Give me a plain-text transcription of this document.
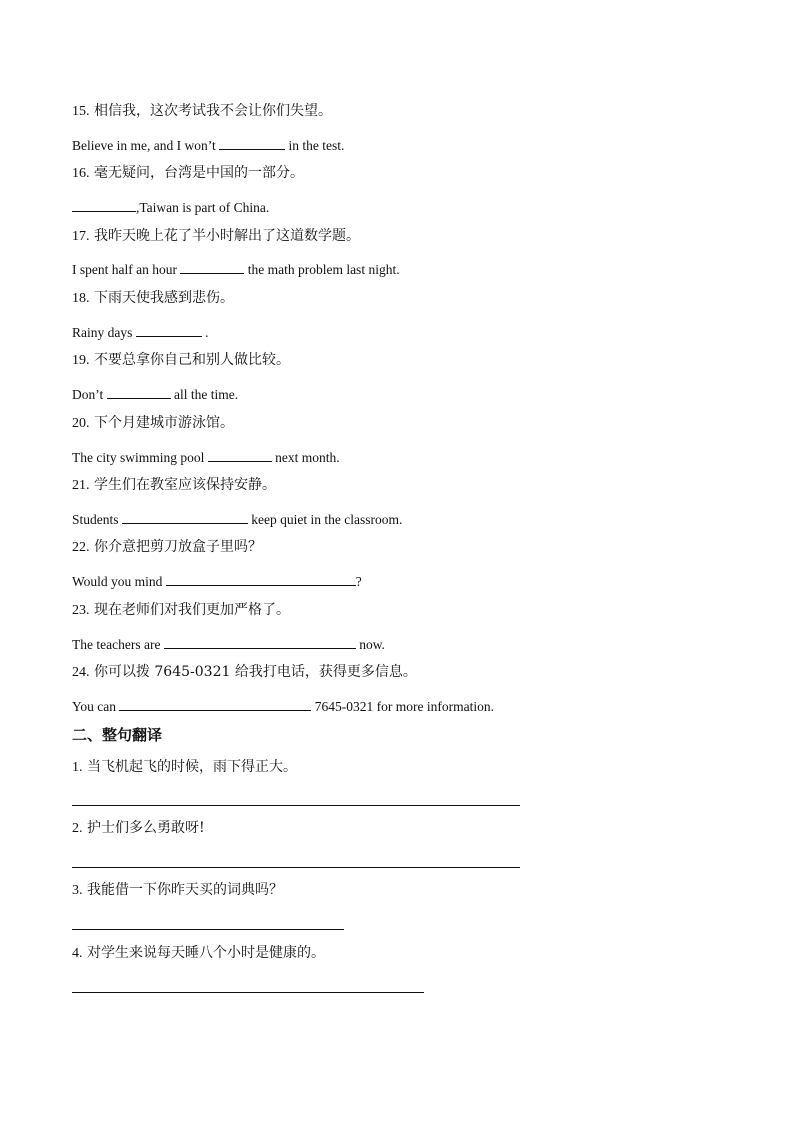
15. 相信我，这次考试我不会让你们失望。
Believe in me, and I won’t	in the test.
16. 毫无疑问，台湾是中国的一部分。
,Taiwan is part of China.
17. 我昨天晚上花了半小时解出了这道数学题。
I spent half an hour	the math problem last night.
18. 下雨天使我感到悲伤。
Rainy days	.
19. 不要总拿你自己和别人做比较。
Don’t	all the time.
20. 下个月建城市游泳馆。
The city swimming pool	next month.
21. 学生们在教室应该保持安静。
Students	keep quiet in the classroom.
22. 你介意把剪刀放盒子里吗？
Would you mind	?
23. 现在老师们对我们更加严格了。
The teachers are	now.
24. 你可以拨 7645-0321 给我打电话，获得更多信息。
You can	7645-0321 for more information.
二、整句翻译
1. 当飞机起飞的时候，雨下得正大。
2. 护士们多么勇敢呀!
3. 我能借一下你昨天买的词典吗？
4. 对学生来说每天睡八个小时是健康的。
